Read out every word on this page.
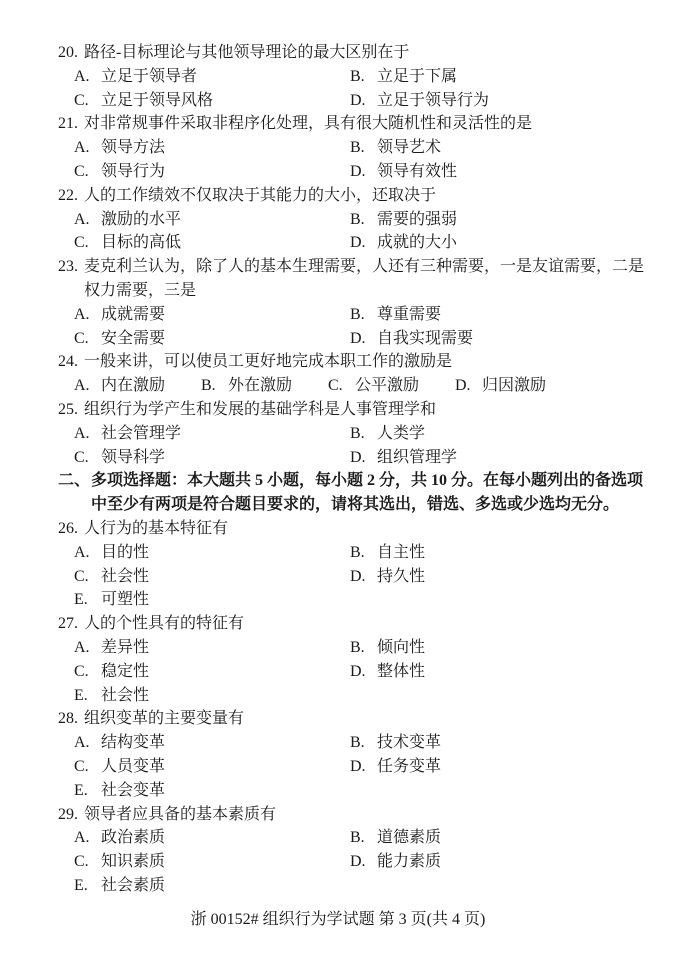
20. 路径-目标理论与其他领导理论的最大区别在于
A. 立足于领导者	B. 立足于下属
C. 立足于领导风格	D. 立足于领导行为
21. 对非常规事件采取非程序化处理，具有很大随机性和灵活性的是
A. 领导方法	B. 领导艺术
C. 领导行为	D. 领导有效性
22. 人的工作绩效不仅取决于其能力的大小，还取决于
A. 激励的水平	B. 需要的强弱
C. 目标的高低	D. 成就的大小
23. 麦克利兰认为，除了人的基本生理需要，人还有三种需要，一是友谊需要，二是权力需要，三是
A. 成就需要	B. 尊重需要
C. 安全需要	D. 自我实现需要
24. 一般来讲，可以使员工更好地完成本职工作的激励是
A. 内在激励 B. 外在激励 C. 公平激励 D. 归因激励
25. 组织行为学产生和发展的基础学科是人事管理学和
A. 社会管理学	B. 人类学
C. 领导科学	D. 组织管理学
二、 多项选择题：本大题共 5 小题，每小题 2 分，共 10 分。在每小题列出的备选项中至少有两项是符合题目要求的，请将其选出，错选、多选或少选均无分。
26. 人行为的基本特征有
A. 目的性	B. 自主性
C. 社会性	D. 持久性
E. 可塑性
27. 人的个性具有的特征有
A. 差异性	B. 倾向性
C. 稳定性	D. 整体性
E. 社会性
28. 组织变革的主要变量有
A. 结构变革	B. 技术变革
C. 人员变革	D. 任务变革
E. 社会变革
29. 领导者应具备的基本素质有
A. 政治素质	B. 道德素质
C. 知识素质	D. 能力素质
E. 社会素质
浙 00152# 组织行为学试题 第 3 页(共 4 页)
